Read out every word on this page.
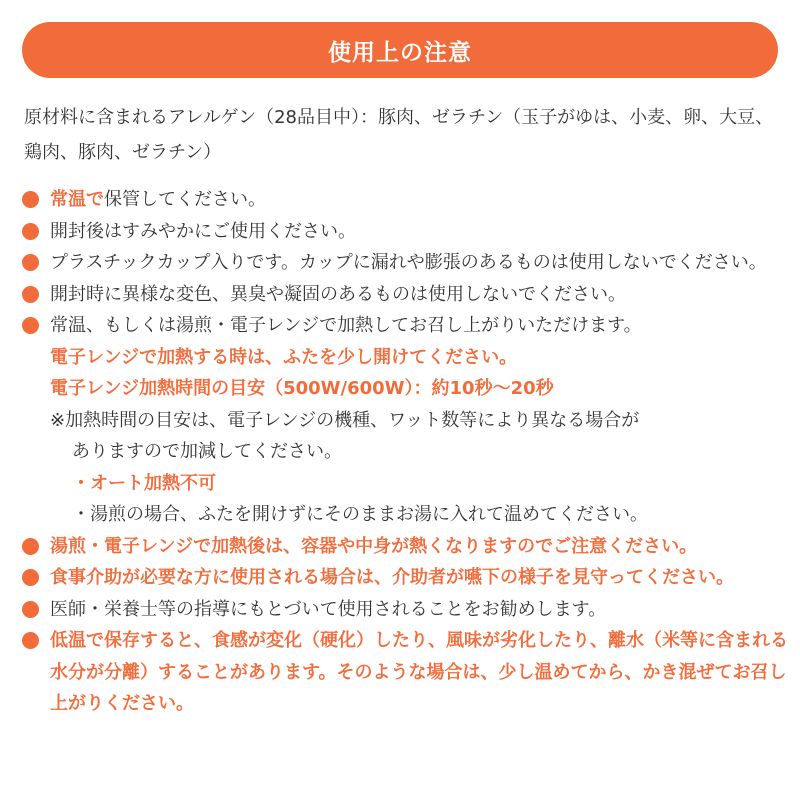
使用上の注意
原材料に含まれるアレルゲン（28品目中）：豚肉、ゼラチン（玉子がゆは、小麦、卵、大豆、鶏肉、豚肉、ゼラチン）
常温で保管してください。
開封後はすみやかにご使用ください。
プラスチックカップ入りです。カップに漏れや膨張のあるものは使用しないでください。
開封時に異様な変色、異臭や凝固のあるものは使用しないでください。
常温、もしくは湯煎・電子レンジで加熱してお召し上がりいただけます。
電子レンジで加熱する時は、ふたを少し開けてください。
電子レンジ加熱時間の目安（500W/600W）：約10秒～20秒
※加熱時間の目安は、電子レンジの機種、ワット数等により異なる場合が
ありますので加減してください。
・オート加熱不可
・湯煎の場合、ふたを開けずにそのままお湯に入れて温めてください。
湯煎・電子レンジで加熱後は、容器や中身が熱くなりますのでご注意ください。
食事介助が必要な方に使用される場合は、介助者が嚥下の様子を見守ってください。
医師・栄養士等の指導にもとづいて使用されることをお勧めします。
低温で保存すると、食感が変化（硬化）したり、風味が劣化したり、離水（米等に含まれる水分が分離）することがあります。そのような場合は、少し温めてから、かき混ぜてお召し上がりください。
